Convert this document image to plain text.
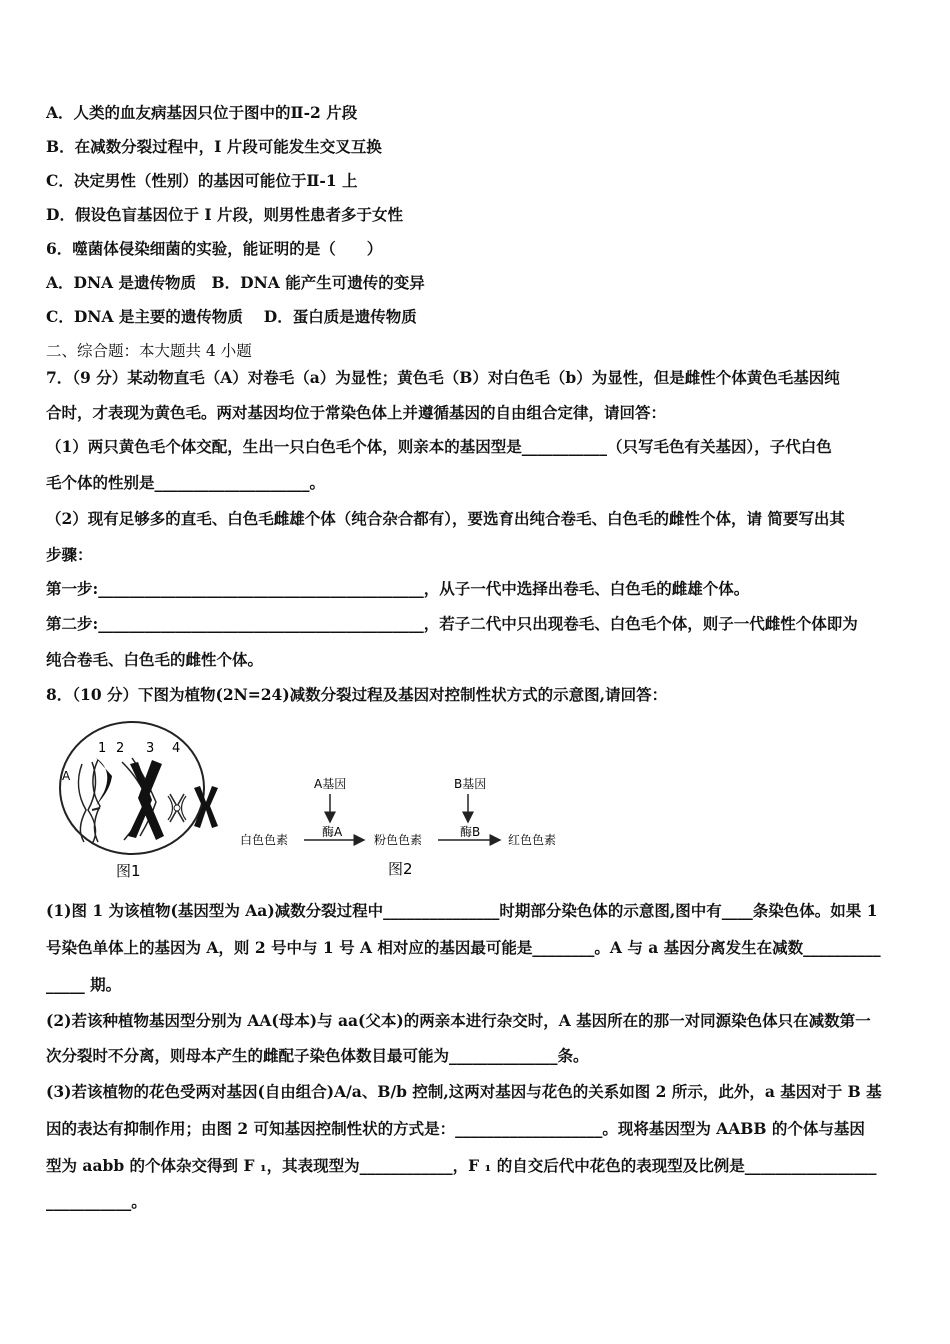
A．人类的血友病基因只位于图中的Ⅱ-2 片段
B．在减数分裂过程中，I 片段可能发生交叉互换
C．决定男性（性别）的基因可能位于Ⅱ-1 上
D．假设色盲基因位于 I 片段，则男性患者多于女性
6．噬菌体侵染细菌的实验，能证明的是（　　）
A．DNA 是遗传物质　B．DNA 能产生可遗传的变异
C．DNA 是主要的遗传物质　 D．蛋白质是遗传物质
二、综合题：本大题共 4 小题
7．（9 分）某动物直毛（A）对卷毛（a）为显性；黄色毛（B）对白色毛（b）为显性，但是雌性个体黄色毛基因纯
合时，才表现为黄色毛。两对基因均位于常染色体上并遵循基因的自由组合定律，请回答：
（1）两只黄色毛个体交配，生出一只白色毛个体，则亲本的基因型是___________（只写毛色有关基因），子代白色
毛个体的性别是____________________。
（2）现有足够多的直毛、白色毛雌雄个体（纯合杂合都有），要选育出纯合卷毛、白色毛的雌性个体，请 简要写出其
步骤：
第一步:__________________________________________，从子一代中选择出卷毛、白色毛的雌雄个体。
第二步:__________________________________________，若子二代中只出现卷毛、白色毛个体，则子一代雌性个体即为
纯合卷毛、白色毛的雌性个体。
8．（10 分）下图为植物(2N=24)减数分裂过程及基因对控制性状方式的示意图,请回答：
1 2 3 4
A
图1
A基因
酶A
B基因
酶B
白色色素	粉色色素	红色色素
图2
(1)图 1 为该植物(基因型为 Aa)减数分裂过程中_______________时期部分染色体的示意图,图中有____条染色体。如果 1
号染色单体上的基因为 A，则 2 号中与 1 号 A 相对应的基因最可能是________。A 与 a 基因分离发生在减数__________
_____ 期。
(2)若该种植物基因型分别为 AA(母本)与 aa(父本)的两亲本进行杂交时，A 基因所在的那一对同源染色体只在减数第一
次分裂时不分离，则母本产生的雌配子染色体数目最可能为______________条。
(3)若该植物的花色受两对基因(自由组合)A/a、B/b 控制,这两对基因与花色的关系如图 2 所示，此外，a 基因对于 B 基
因的表达有抑制作用；由图 2 可知基因控制性状的方式是：___________________。现将基因型为 AABB 的个体与基因
型为 aabb 的个体杂交得到 F ₁，其表现型为____________，F ₁ 的自交后代中花色的表现型及比例是_________________
___________。
